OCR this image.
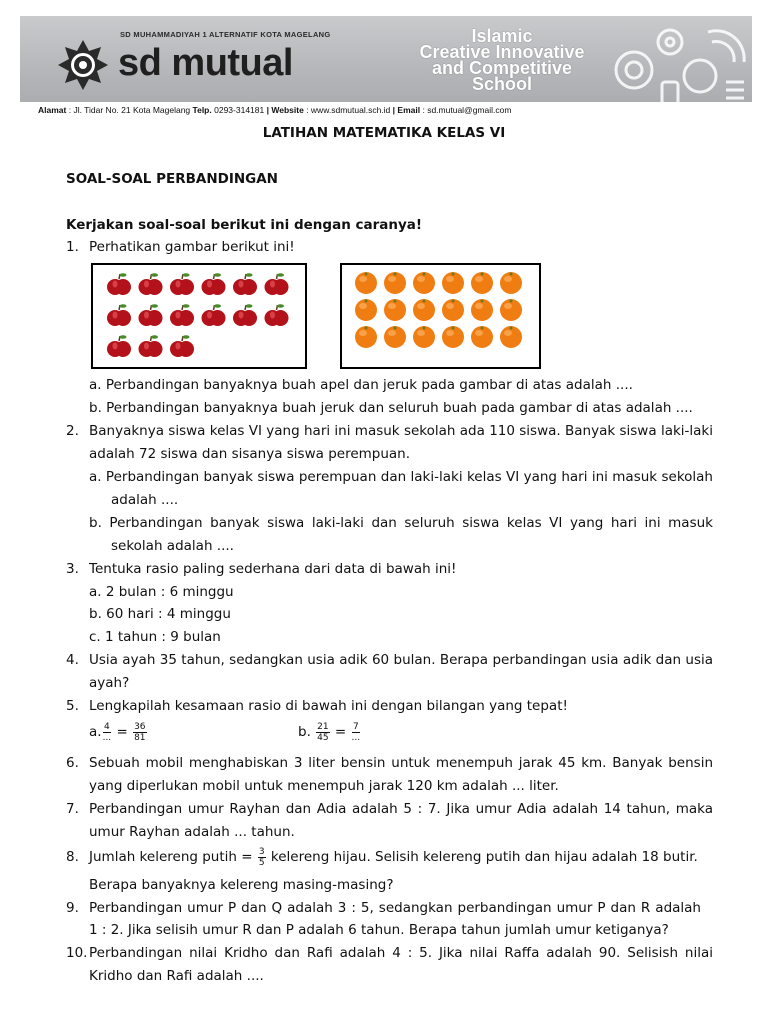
SD MUHAMMADIYAH 1 ALTERNATIF KOTA MAGELANG
sd mutual
Islamic
Creative Innovative
and Competitive
School
Alamat : Jl. Tidar No. 21 Kota Magelang Telp. 0293-314181 | Website : www.sdmutual.sch.id | Email : sd.mutual@gmail.com
LATIHAN MATEMATIKA KELAS VI
SOAL-SOAL PERBANDINGAN
Kerjakan soal-soal berikut ini dengan caranya!
1. Perhatikan gambar berikut ini!
a. Perbandingan banyaknya buah apel dan jeruk pada gambar di atas adalah ....
b. Perbandingan banyaknya buah jeruk dan seluruh buah pada gambar di atas adalah ....
2. Banyaknya siswa kelas VI yang hari ini masuk sekolah ada 110 siswa. Banyak siswa laki-laki
adalah 72 siswa dan sisanya siswa perempuan.
a. Perbandingan banyak siswa perempuan dan laki-laki kelas VI yang hari ini masuk sekolah
adalah ....
b. Perbandingan banyak siswa laki-laki dan seluruh siswa kelas VI yang hari ini masuk
sekolah adalah ....
3. Tentuka rasio paling sederhana dari data di bawah ini!
a. 2 bulan : 6 minggu
b. 60 hari : 4 minggu
c. 1 tahun : 9 bulan
4. Usia ayah 35 tahun, sedangkan usia adik 60 bulan. Berapa perbandingan usia adik dan usia
ayah?
5. Lengkapilah kesamaan rasio di bawah ini dengan bilangan yang tepat!
a. $\frac{4}{...} = \frac{36}{81}$	b. $\frac{21}{45} = \frac{7}{...}$
6. Sebuah mobil menghabiskan 3 liter bensin untuk menempuh jarak 45 km. Banyak bensin
yang diperlukan mobil untuk menempuh jarak 120 km adalah ... liter.
7. Perbandingan umur Rayhan dan Adia adalah 5 : 7. Jika umur Adia adalah 14 tahun, maka
umur Rayhan adalah ... tahun.
8. Jumlah kelereng putih = $\frac{3}{5}$ kelereng hijau. Selisih kelereng putih dan hijau adalah 18 butir.
Berapa banyaknya kelereng masing-masing?
9. Perbandingan umur P dan Q adalah 3 : 5, sedangkan perbandingan umur P dan R adalah
1 : 2. Jika selisih umur R dan P adalah 6 tahun. Berapa tahun jumlah umur ketiganya?
10. Perbandingan nilai Kridho dan Rafi adalah 4 : 5. Jika nilai Raffa adalah 90. Selisish nilai
Kridho dan Rafi adalah ....
